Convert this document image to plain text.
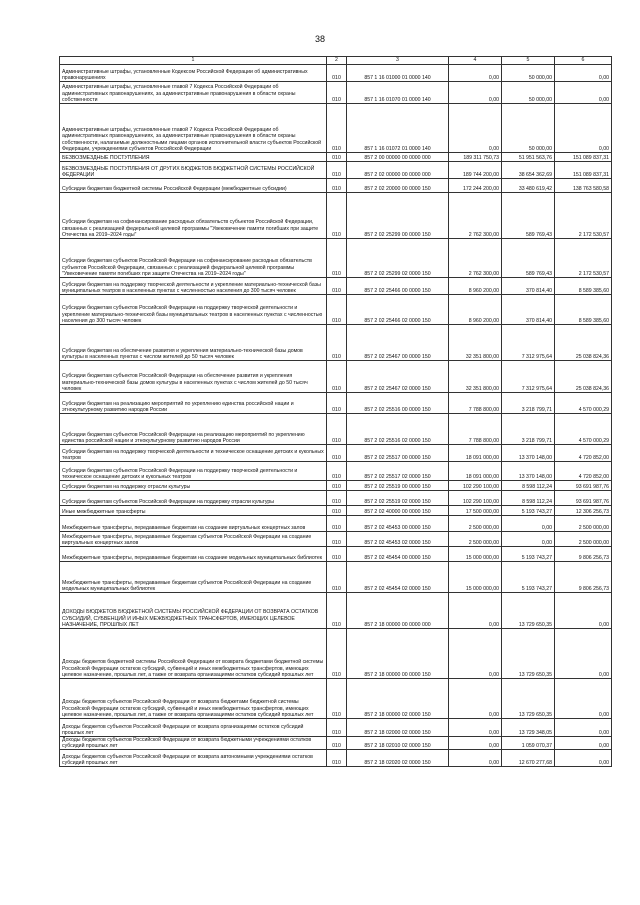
38
1	2	3	4	5	6
Административные штрафы, установленные Кодексом Российской Федерации об административных правонарушениях	010	857 1 16 01000 01 0000 140	0,00	50 000,00	0,00
Административные штрафы, установленные главой 7 Кодекса Российской Федерации об административных правонарушениях, за административные правонарушения в области охраны собственности	010	857 1 16 01070 01 0000 140	0,00	50 000,00	0,00
Административные штрафы, установленные главой 7 Кодекса Российской Федерации об административных правонарушениях, за административные правонарушения в области охраны собственности, налагаемые должностными лицами органов исполнительной власти субъектов Российской Федерации, учреждениями субъектов Российской Федерации	010	857 1 16 01072 01 0000 140	0,00	50 000,00	0,00
БЕЗВОЗМЕЗДНЫЕ ПОСТУПЛЕНИЯ	010	857 2 00 00000 00 0000 000	189 311 750,73	51 951 563,76	151 089 837,31
БЕЗВОЗМЕЗДНЫЕ ПОСТУПЛЕНИЯ ОТ ДРУГИХ БЮДЖЕТОВ БЮДЖЕТНОЙ СИСТЕМЫ РОССИЙСКОЙ ФЕДЕРАЦИИ	010	857 2 02 00000 00 0000 000	189 744 200,00	38 654 362,69	151 089 837,31
Субсидии бюджетам бюджетной системы Российской Федерации (межбюджетные субсидии)	010	857 2 02 20000 00 0000 150	172 244 200,00	33 480 619,42	138 763 580,58
Субсидии бюджетам на софинансирование расходных обязательств субъектов Российской Федерации, связанных с реализацией федеральной целевой программы "Увековечение памяти погибших при защите Отечества на 2019–2024 годы"	010	857 2 02 25299 00 0000 150	2 762 300,00	589 769,43	2 172 530,57
Субсидии бюджетам субъектов Российской Федерации на софинансирование расходных обязательств субъектов Российской Федерации, связанных с реализацией федеральной целевой программы "Увековечение памяти погибших при защите Отечества на 2019–2024 годы"	010	857 2 02 25299 02 0000 150	2 762 300,00	589 769,43	2 172 530,57
Субсидии бюджетам на поддержку творческой деятельности и укрепление материально-технической базы муниципальных театров в населенных пунктах с численностью населения до 300 тысяч человек	010	857 2 02 25466 00 0000 150	8 960 200,00	370 814,40	8 589 385,60
Субсидии бюджетам субъектов Российской Федерации на поддержку творческой деятельности и укрепление материально-технической базы муниципальных театров в населенных пунктах с численностью населения до 300 тысяч человек	010	857 2 02 25466 02 0000 150	8 960 200,00	370 814,40	8 589 385,60
Субсидии бюджетам на обеспечение развития и укрепления материально-технической базы домов культуры в населенных пунктах с числом жителей до 50 тысяч человек	010	857 2 02 25467 00 0000 150	32 351 800,00	7 312 975,64	25 038 824,36
Субсидии бюджетам субъектов Российской Федерации на обеспечение развития и укрепления материально-технической базы домов культуры в населенных пунктах с числом жителей до 50 тысяч человек	010	857 2 02 25467 02 0000 150	32 351 800,00	7 312 975,64	25 038 824,36
Субсидии бюджетам на реализацию мероприятий по укреплению единства российской нации и этнокультурному развитию народов России	010	857 2 02 25516 00 0000 150	7 788 800,00	3 218 799,71	4 570 000,29
Субсидии бюджетам субъектов Российской Федерации на реализацию мероприятий по укреплению единства российской нации и этнокультурному развитию народов России	010	857 2 02 25516 02 0000 150	7 788 800,00	3 218 799,71	4 570 000,29
Субсидии бюджетам на поддержку творческой деятельности и техническое оснащение детских и кукольных театров	010	857 2 02 25517 00 0000 150	18 091 000,00	13 370 148,00	4 720 852,00
Субсидии бюджетам субъектов Российской Федерации на поддержку творческой деятельности и техническое оснащение детских и кукольных театров	010	857 2 02 25517 02 0000 150	18 091 000,00	13 370 148,00	4 720 852,00
Субсидии бюджетам на поддержку отрасли культуры	010	857 2 02 25519 00 0000 150	102 290 100,00	8 598 112,24	93 691 987,76
Субсидии бюджетам субъектов Российской Федерации на поддержку отрасли культуры	010	857 2 02 25519 02 0000 150	102 290 100,00	8 598 112,24	93 691 987,76
Иные межбюджетные трансферты	010	857 2 02 40000 00 0000 150	17 500 000,00	5 193 743,27	12 306 256,73
Межбюджетные трансферты, передаваемые бюджетам на создание виртуальных концертных залов	010	857 2 02 45453 00 0000 150	2 500 000,00	0,00	2 500 000,00
Межбюджетные трансферты, передаваемые бюджетам субъектов Российской Федерации на создание виртуальных концертных залов	010	857 2 02 45453 02 0000 150	2 500 000,00	0,00	2 500 000,00
Межбюджетные трансферты, передаваемые бюджетам на создание модельных муниципальных библиотек	010	857 2 02 45454 00 0000 150	15 000 000,00	5 193 743,27	9 806 256,73
Межбюджетные трансферты, передаваемые бюджетам субъектов Российской Федерации на создание модельных муниципальных библиотек	010	857 2 02 45454 02 0000 150	15 000 000,00	5 193 743,27	9 806 256,73
ДОХОДЫ БЮДЖЕТОВ БЮДЖЕТНОЙ СИСТЕМЫ РОССИЙСКОЙ ФЕДЕРАЦИИ ОТ ВОЗВРАТА ОСТАТКОВ СУБСИДИЙ, СУБВЕНЦИЙ И ИНЫХ МЕЖБЮДЖЕТНЫХ ТРАНСФЕРТОВ, ИМЕЮЩИХ ЦЕЛЕВОЕ НАЗНАЧЕНИЕ, ПРОШЛЫХ ЛЕТ	010	857 2 18 00000 00 0000 000	0,00	13 729 650,35	0,00
Доходы бюджетов бюджетной системы Российской Федерации от возврата бюджетами бюджетной системы Российской Федерации остатков субсидий, субвенций и иных межбюджетных трансфертов, имеющих целевое назначение, прошлых лет, а также от возврата организациями остатков субсидий прошлых лет	010	857 2 18 00000 00 0000 150	0,00	13 729 650,35	0,00
Доходы бюджетов субъектов Российской Федерации от возврата бюджетами бюджетной системы Российской Федерации остатков субсидий, субвенций и иных межбюджетных трансфертов, имеющих целевое назначение, прошлых лет, а также от возврата организациями остатков субсидий прошлых лет	010	857 2 18 00000 02 0000 150	0,00	13 729 650,35	0,00
Доходы бюджетов субъектов Российской Федерации от возврата организациями остатков субсидий прошлых лет	010	857 2 18 02000 02 0000 150	0,00	13 729 348,05	0,00
Доходы бюджетов субъектов Российской Федерации от возврата бюджетными учреждениями остатков субсидий прошлых лет	010	857 2 18 02010 02 0000 150	0,00	1 059 070,37	0,00
Доходы бюджетов субъектов Российской Федерации от возврата автономными учреждениями остатков субсидий прошлых лет	010	857 2 18 02020 02 0000 150	0,00	12 670 277,68	0,00
